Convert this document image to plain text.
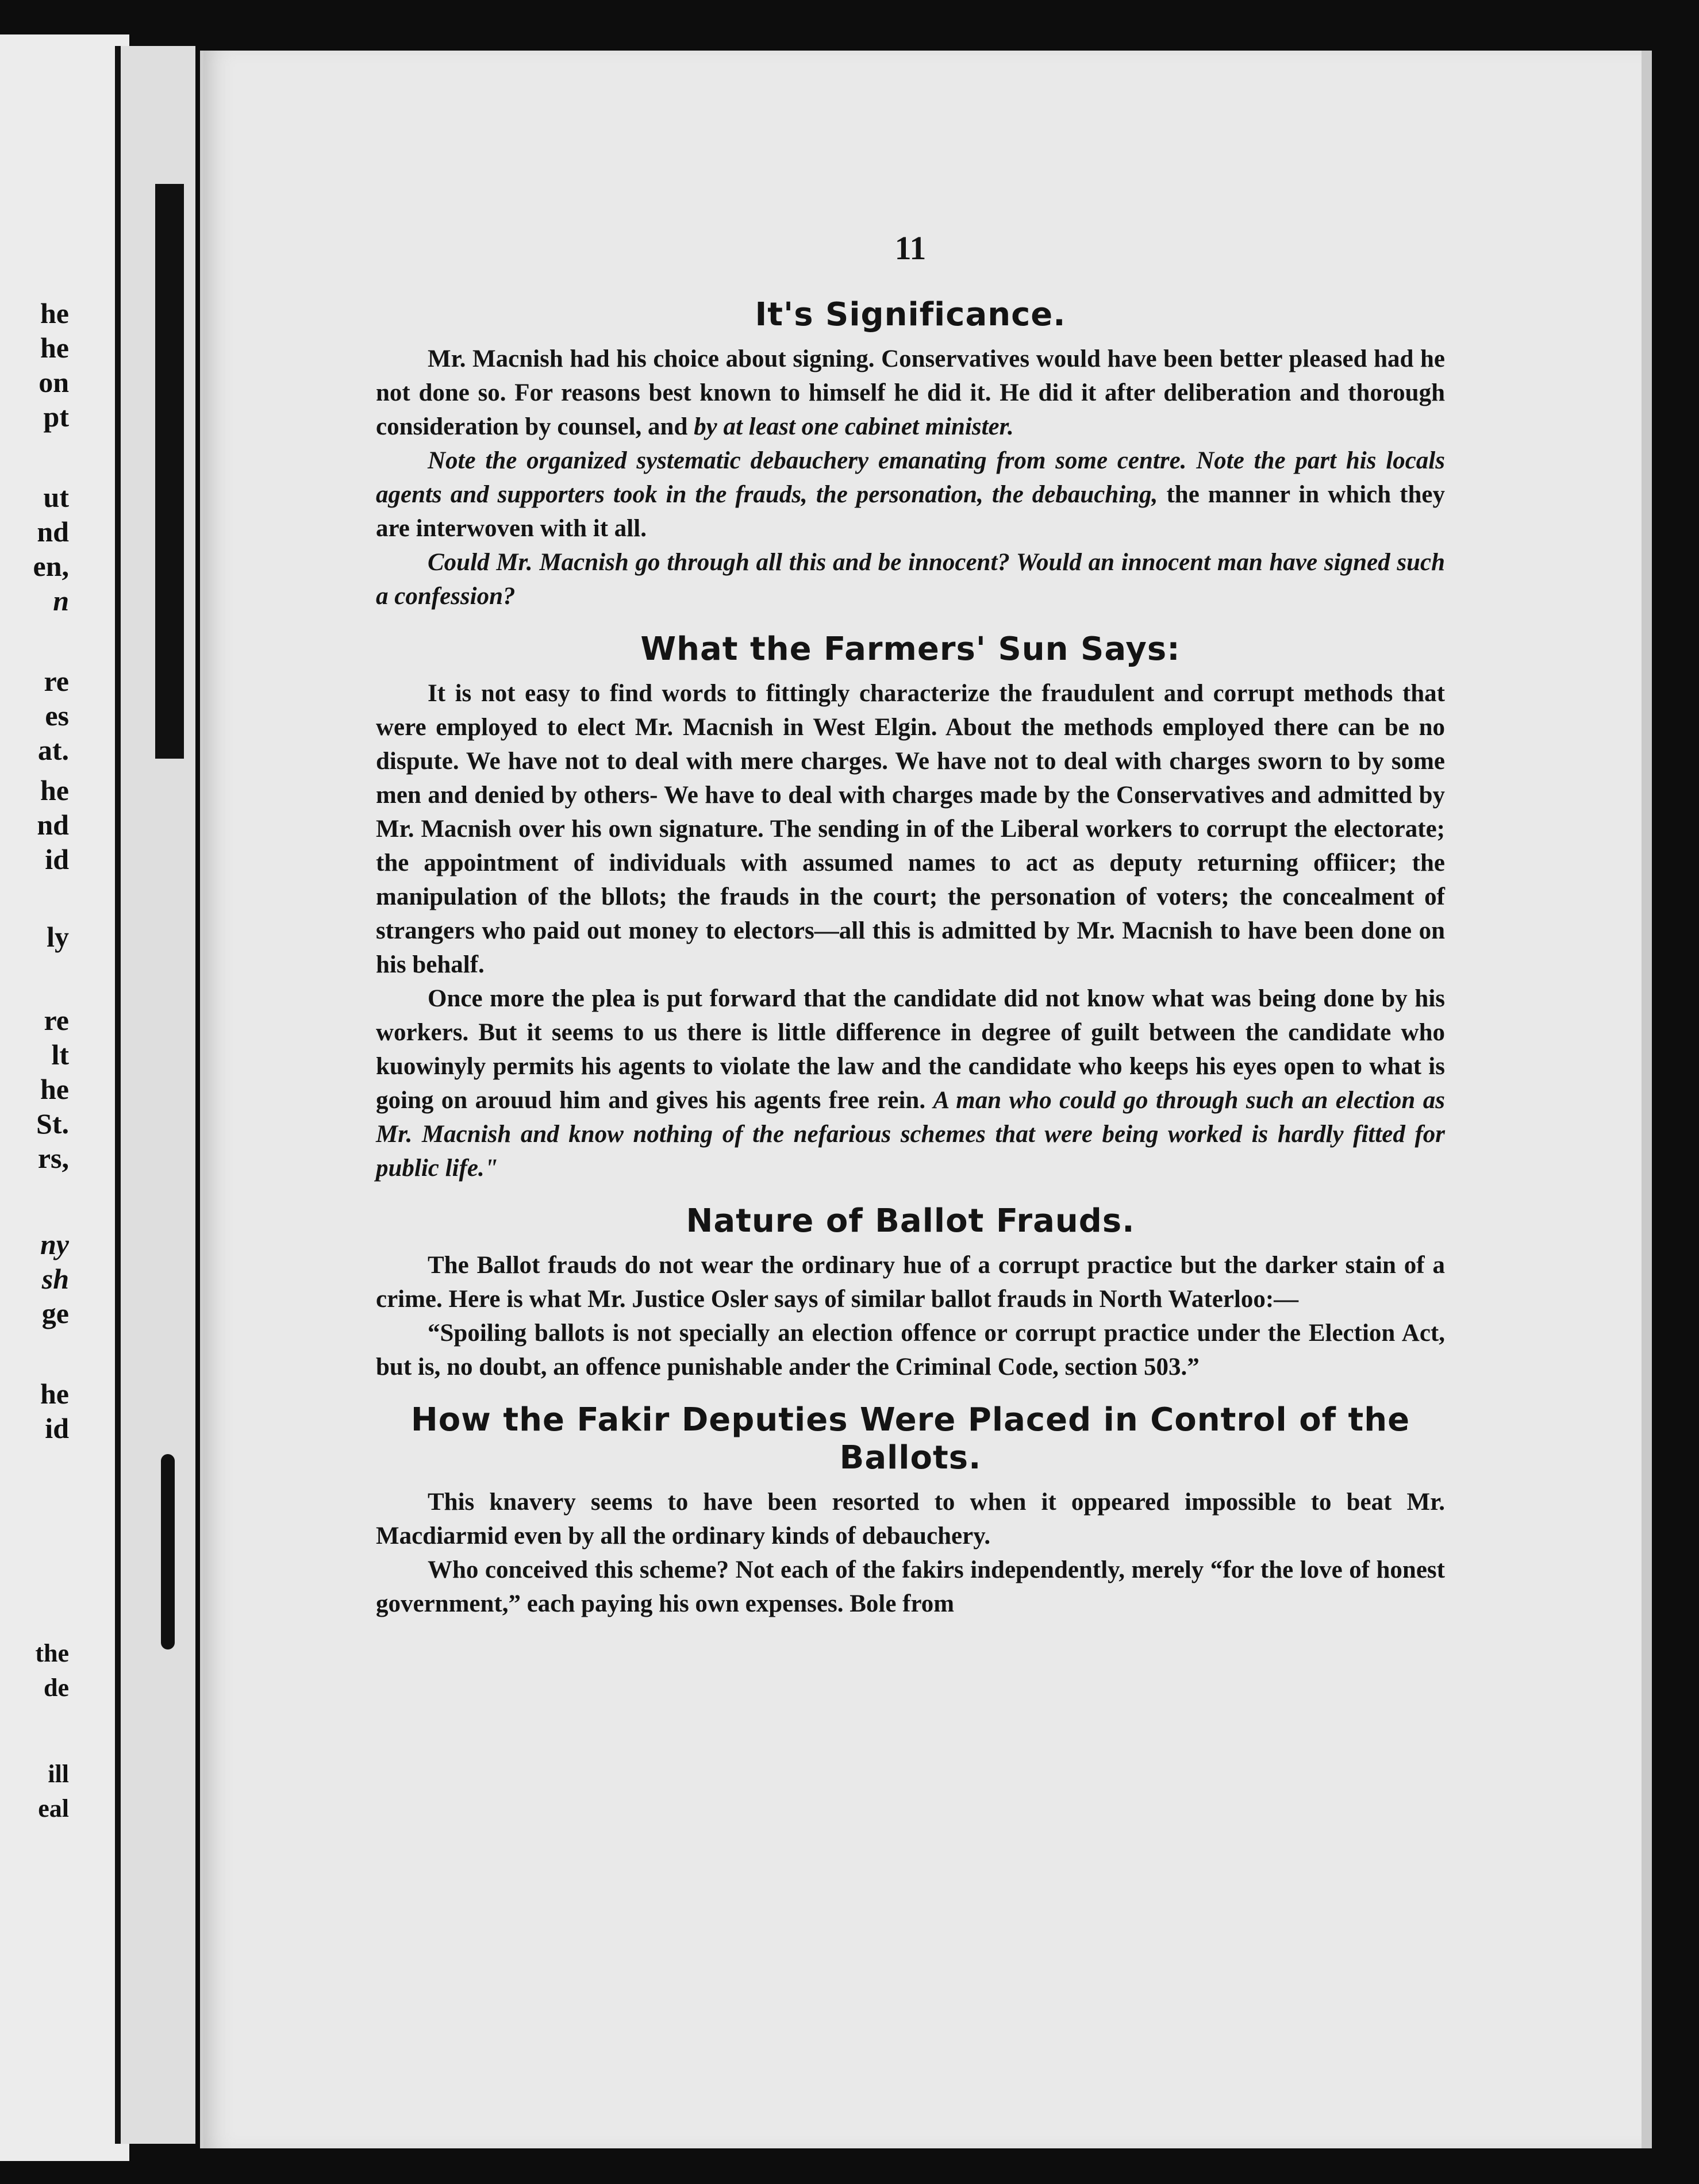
he
he
on
pt
ut
nd
en,
n
re
es
at.
he
nd
id
ly
re
lt
he
St.
rs,
ny
sh
ge
he
id
the
de
ill
eal
11
It's Significance.

Mr. Macnish had his choice about signing. Conservatives would have been better pleased had he not done so. For reasons best known to himself he did it. He did it after deliberation and thorough consideration by counsel, and by at least one cabinet minister.

Note the organized systematic debauchery emanating from some centre. Note the part his locals agents and supporters took in the frauds, the personation, the debauching, the manner in which they are interwoven with it all.

Could Mr. Macnish go through all this and be innocent? Would an innocent man have signed such a confession?

What the Farmers' Sun Says:

It is not easy to find words to fittingly characterize the fraudulent and corrupt methods that were employed to elect Mr. Macnish in West Elgin. About the methods employed there can be no dispute. We have not to deal with mere charges. We have not to deal with charges sworn to by some men and denied by others- We have to deal with charges made by the Conservatives and admitted by Mr. Macnish over his own signature. The sending in of the Liberal workers to corrupt the electorate; the appointment of individuals with assumed names to act as deputy returning offiicer; the manipulation of the bllots; the frauds in the court; the personation of voters; the concealment of strangers who paid out money to electors—all this is admitted by Mr. Macnish to have been done on his behalf.

Once more the plea is put forward that the candidate did not know what was being done by his workers. But it seems to us there is little difference in degree of guilt between the candidate who kuowinyly permits his agents to violate the law and the candidate who keeps his eyes open to what is going on arouud him and gives his agents free rein. A man who could go through such an election as Mr. Macnish and know nothing of the nefarious schemes that were being worked is hardly fitted for public life."

Nature of Ballot Frauds.

The Ballot frauds do not wear the ordinary hue of a corrupt practice but the darker stain of a crime. Here is what Mr. Justice Osler says of similar ballot frauds in North Waterloo:—

“Spoiling ballots is not specially an election offence or corrupt practice under the Election Act, but is, no doubt, an offence punishable ander the Criminal Code, section 503.”

How the Fakir Deputies Were Placed in Control of the Ballots.

This knavery seems to have been resorted to when it oppeared impossible to beat Mr. Macdiarmid even by all the ordinary kinds of debauchery.

Who conceived this scheme? Not each of the fakirs independently, merely “for the love of honest government,” each paying his own expenses. Bole from
